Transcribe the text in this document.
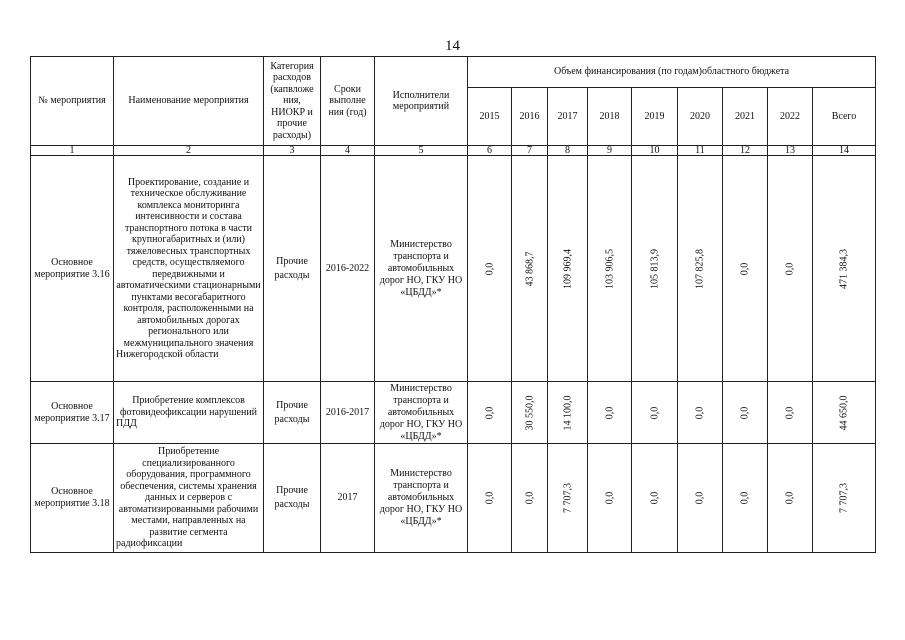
14
№ мероприятия	Наименование мероприятия	Категория расходов (капвложе ния, НИОКР и прочие расходы)	Сроки выполне ния (год)	Исполнители мероприятий	Объем финансирования (по годам)областного бюджета								
					2015	2016	2017	2018	2019	2020	2021	2022	Всего
1	2	3	4	5	6	7	8	9	10	11	12	13	14
Основное мероприятие 3.16	Проектирование, создание и техническое обслуживание комплекса мониторинга интенсивности и состава транспортного потока в части крупногабаритных и (или) тяжеловесных транспортных средств, осуществляемого передвижными и автоматическими стационарными пунктами весогабаритного контроля, расположенными на автомобильных дорогах регионального или межмуниципального значения Нижегородской области	Прочие расходы	2016-2022	Министерство транспорта и автомобильных дорог НО, ГКУ НО «ЦБДД»*	0,0	43 868,7	109 969,4	103 906,5	105 813,9	107 825,8	0,0	0,0	471 384,3

Основное мероприятие 3.17	Приобретение комплексов фотовидеофиксации нарушений ПДД	Прочие расходы	2016-2017	Министерство транспорта и автомобильных дорог НО, ГКУ НО «ЦБДД»*	0,0	30 550,0	14 100,0	0,0	0,0	0,0	0,0	0,0	44 650,0

Основное мероприятие 3.18	Приобретение специализированного оборудования, программного обеспечения, системы хранения данных и серверов с автоматизированными рабочими местами, направленных на развитие сегмента радиофиксации	Прочие расходы	2017	Министерство транспорта и автомобильных дорог НО, ГКУ НО «ЦБДД»*	0,0	0,0	7 707,3	0,0	0,0	0,0	0,0	0,0	7 707,3
